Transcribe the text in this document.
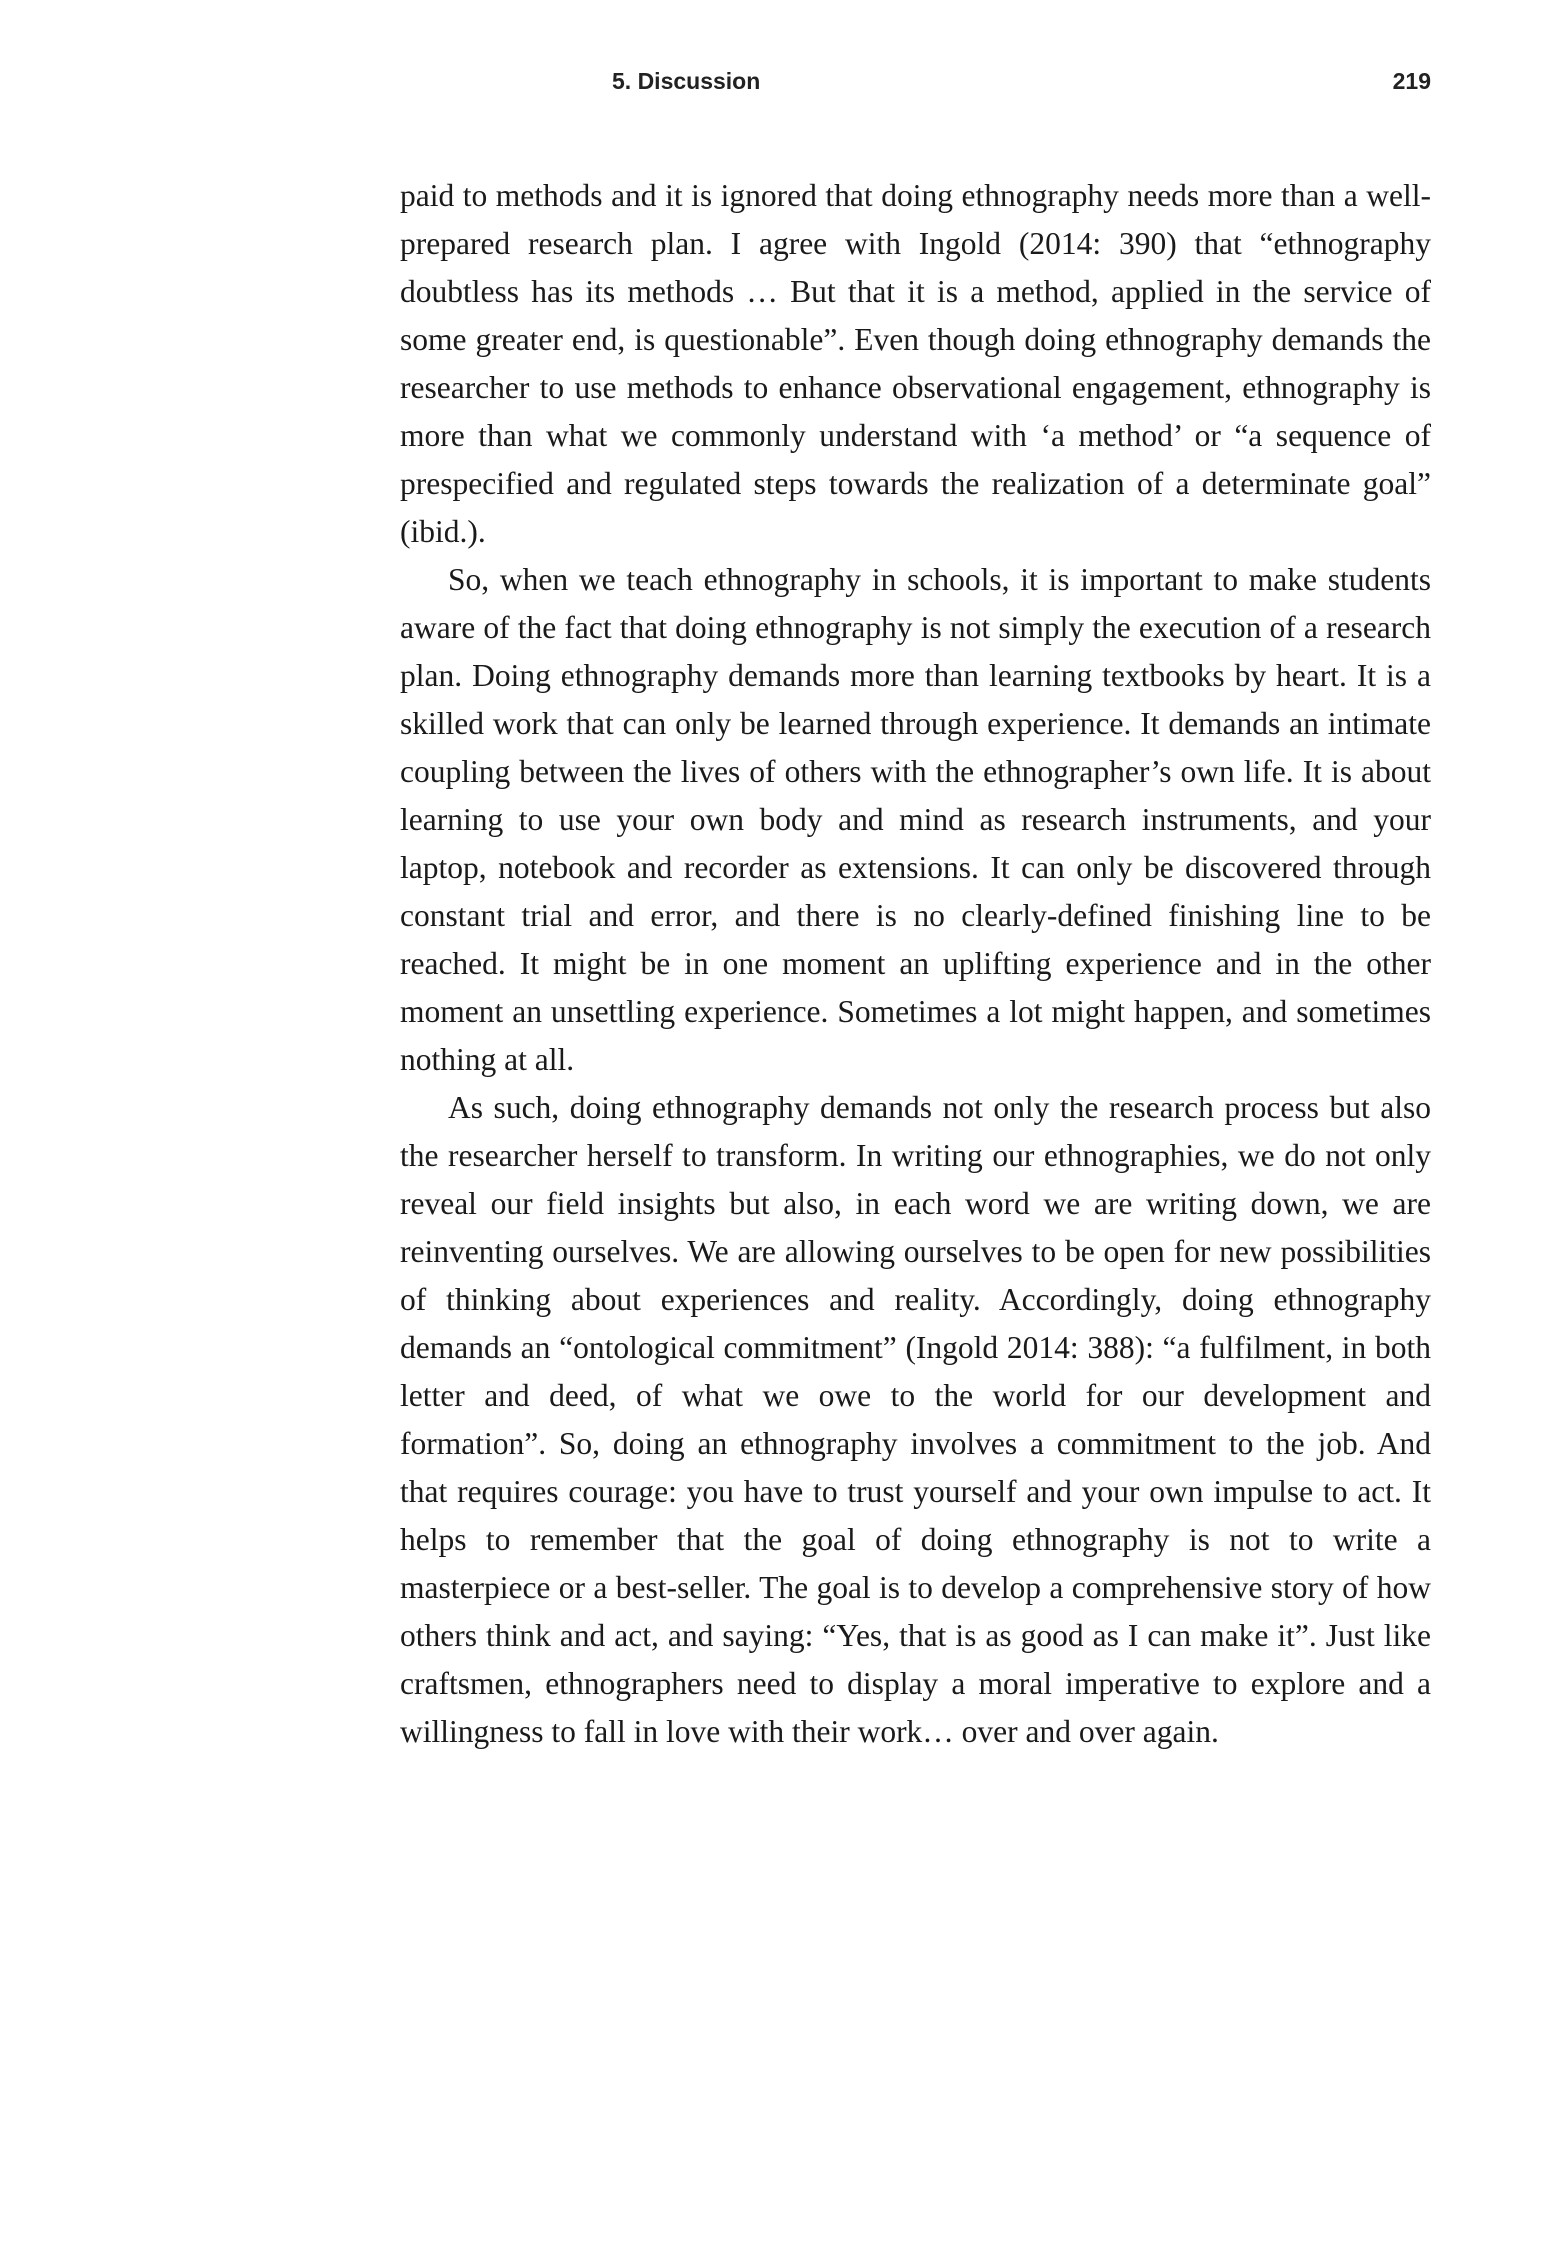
5. Discussion	219

paid to methods and it is ignored that doing ethnography needs more than a well-prepared research plan. I agree with Ingold (2014: 390) that “ethnography doubtless has its methods … But that it is a method, applied in the service of some greater end, is questionable”. Even though doing ethnography demands the researcher to use methods to enhance observational engagement, ethnography is more than what we commonly understand with ‘a method’ or “a sequence of prespecified and regulated steps towards the realization of a determinate goal” (ibid.).

So, when we teach ethnography in schools, it is important to make students aware of the fact that doing ethnography is not simply the execution of a research plan. Doing ethnography demands more than learning textbooks by heart. It is a skilled work that can only be learned through experience. It demands an intimate coupling between the lives of others with the ethnographer’s own life. It is about learning to use your own body and mind as research instruments, and your laptop, notebook and recorder as extensions. It can only be discovered through constant trial and error, and there is no clearly-defined finishing line to be reached. It might be in one moment an uplifting experience and in the other moment an unsettling experience. Sometimes a lot might happen, and sometimes nothing at all.

As such, doing ethnography demands not only the research process but also the researcher herself to transform. In writing our ethnographies, we do not only reveal our field insights but also, in each word we are writing down, we are reinventing ourselves. We are allowing ourselves to be open for new possibilities of thinking about experiences and reality. Accordingly, doing ethnography demands an “ontological commitment” (Ingold 2014: 388): “a fulfilment, in both letter and deed, of what we owe to the world for our development and formation”. So, doing an ethnography involves a commitment to the job. And that requires courage: you have to trust yourself and your own impulse to act. It helps to remember that the goal of doing ethnography is not to write a masterpiece or a best-seller. The goal is to develop a comprehensive story of how others think and act, and saying: “Yes, that is as good as I can make it”. Just like craftsmen, ethnographers need to display a moral imperative to explore and a willingness to fall in love with their work… over and over again.
